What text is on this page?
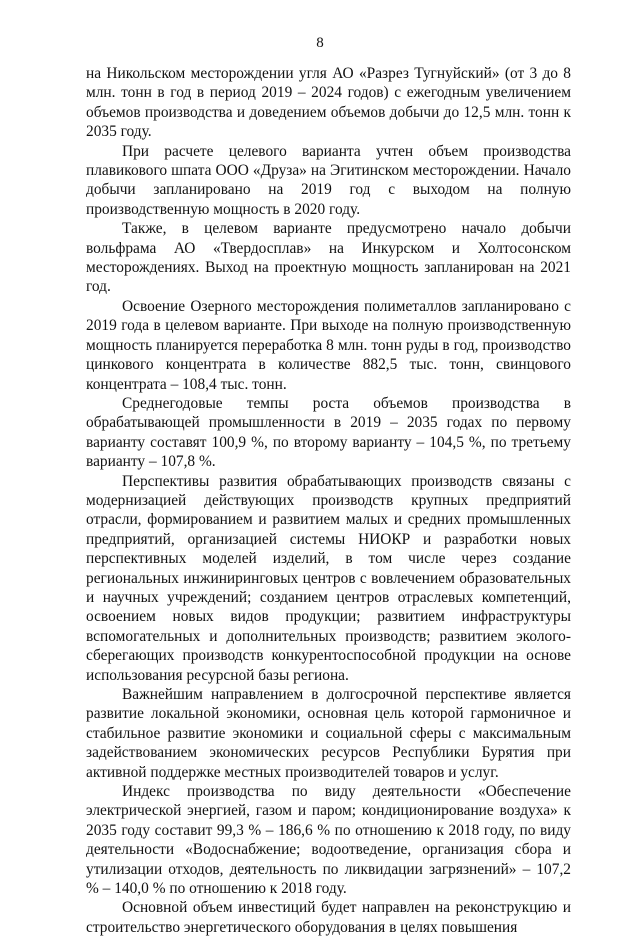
8

на Никольском месторождении угля АО «Разрез Тугнуйский» (от 3 до 8 млн. тонн в год в период 2019 – 2024 годов) с ежегодным увеличением объемов производства и доведением объемов добычи до 12,5 млн. тонн к 2035 году.

При расчете целевого варианта учтен объем производства плавикового шпата ООО «Друза» на Эгитинском месторождении. Начало добычи запланировано на 2019 год с выходом на полную производственную мощность в 2020 году.

Также, в целевом варианте предусмотрено начало добычи вольфрама АО «Твердосплав» на Инкурском и Холтосонском месторождениях. Выход на проектную мощность запланирован на 2021 год.

Освоение Озерного месторождения полиметаллов запланировано с 2019 года в целевом варианте. При выходе на полную производственную мощность планируется переработка 8 млн. тонн руды в год, производство цинкового концентрата в количестве 882,5 тыс. тонн, свинцового концентрата – 108,4 тыс. тонн.

Среднегодовые темпы роста объемов производства в обрабатывающей промышленности в 2019 – 2035 годах по первому варианту составят 100,9 %, по второму варианту – 104,5 %, по третьему варианту – 107,8 %.

Перспективы развития обрабатывающих производств связаны с модернизацией действующих производств крупных предприятий отрасли, формированием и развитием малых и средних промышленных предприятий, организацией системы НИОКР и разработки новых перспективных моделей изделий, в том числе через создание региональных инжиниринговых центров с вовлечением образовательных и научных учреждений; созданием центров отраслевых компетенций, освоением новых видов продукции; развитием инфраструктуры вспомогательных и дополнительных производств; развитием эколого-сберегающих производств конкурентоспособной продукции на основе использования ресурсной базы региона.

Важнейшим направлением в долгосрочной перспективе является развитие локальной экономики, основная цель которой гармоничное и стабильное развитие экономики и социальной сферы с максимальным задействованием экономических ресурсов Республики Бурятия при активной поддержке местных производителей товаров и услуг.

Индекс производства по виду деятельности «Обеспечение электрической энергией, газом и паром; кондиционирование воздуха» к 2035 году составит 99,3 % – 186,6 % по отношению к 2018 году, по виду деятельности «Водоснабжение; водоотведение, организация сбора и утилизации отходов, деятельность по ликвидации загрязнений» – 107,2 % – 140,0 % по отношению к 2018 году.

Основной объем инвестиций будет направлен на реконструкцию и строительство энергетического оборудования в целях повышения
